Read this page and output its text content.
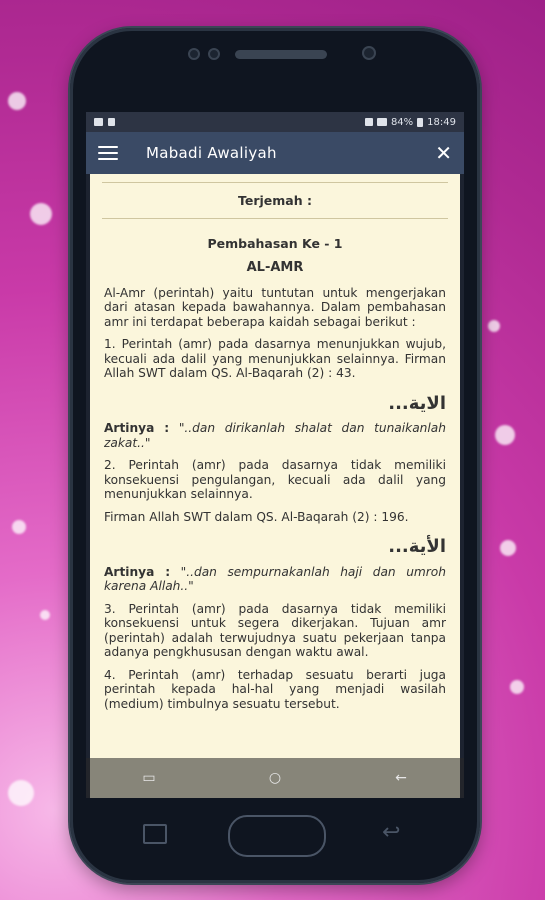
84% 18:49
Mabadi Awaliyah	✕
Terjemah :
Pembahasan Ke - 1
AL-AMR
Al-Amr (perintah) yaitu tuntutan untuk mengerjakan dari atasan kepada bawahannya. Dalam pembahasan amr ini terdapat beberapa kaidah sebagai berikut :
1. Perintah (amr) pada dasarnya menunjukkan wujub, kecuali ada dalil yang menunjukkan selainnya. Firman Allah SWT dalam QS. Al-Baqarah (2) : 43.
الاية...
Artinya : "..dan dirikanlah shalat dan tunaikanlah zakat.."
2. Perintah (amr) pada dasarnya tidak memiliki konsekuensi pengulangan, kecuali ada dalil yang menunjukkan selainnya.
Firman Allah SWT dalam QS. Al-Baqarah (2) : 196.
الأية...
Artinya : "..dan sempurnakanlah haji dan umroh karena Allah.."
3. Perintah (amr) pada dasarnya tidak memiliki konsekuensi untuk segera dikerjakan. Tujuan amr (perintah) adalah terwujudnya suatu pekerjaan tanpa adanya pengkhususan dengan waktu awal.
4. Perintah (amr) terhadap sesuatu berarti juga perintah kepada hal-hal yang menjadi wasilah (medium) timbulnya sesuatu tersebut.
▭	○	←
↩
